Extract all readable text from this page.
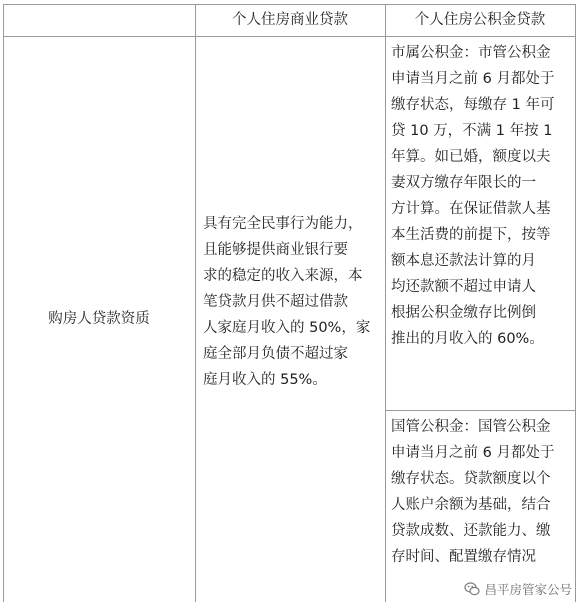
个人住房商业贷款	个人住房公积金贷款
购房人贷款资质
具有完全民事行为能力，
且能够提供商业银行要
求的稳定的收入来源，本
笔贷款月供不超过借款
人家庭月收入的 50%，家
庭全部月负债不超过家
庭月收入的 55%。
市属公积金：市管公积金
申请当月之前 6 月都处于
缴存状态，每缴存 1 年可
贷 10 万，不满 1 年按 1
年算。如已婚，额度以夫
妻双方缴存年限长的一
方计算。在保证借款人基
本生活费的前提下，按等
额本息还款法计算的月
均还款额不超过申请人
根据公积金缴存比例倒
推出的月收入的 60%。
国管公积金：国管公积金
申请当月之前 6 月都处于
缴存状态。贷款额度以个
人账户余额为基础，结合
贷款成数、还款能力、缴
存时间、配置缴存情况
昌平房管家公号
